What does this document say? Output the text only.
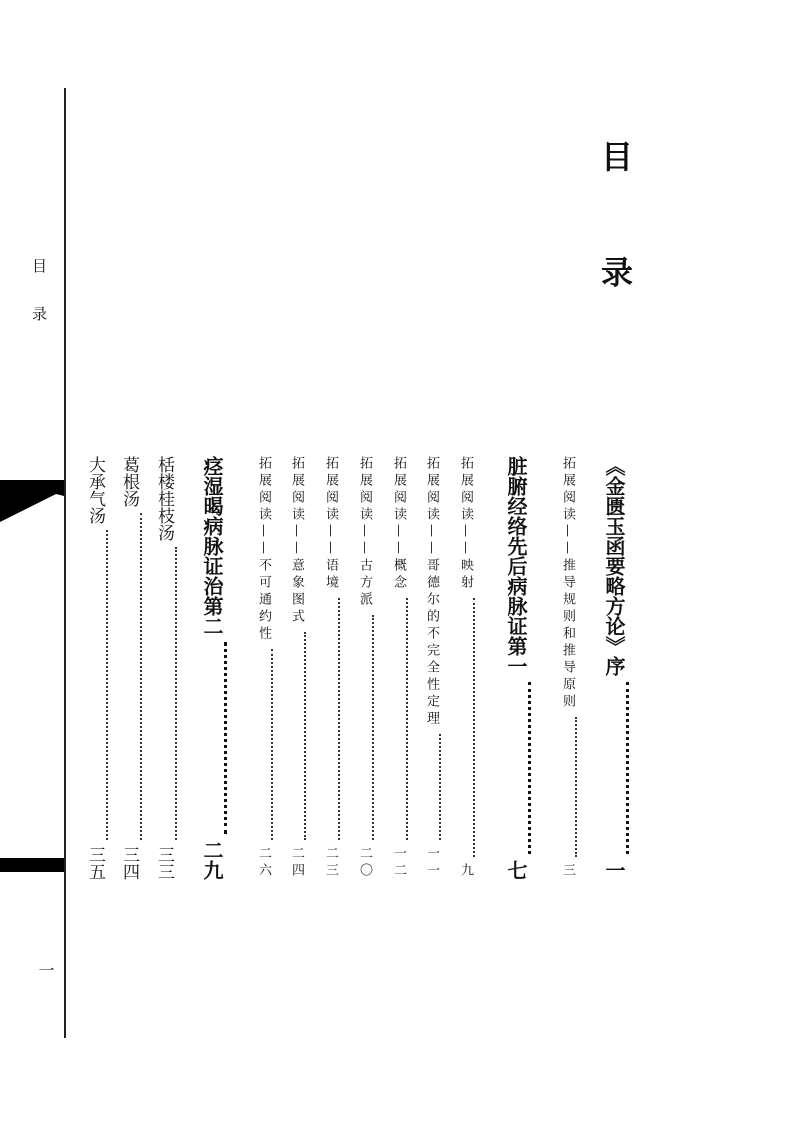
目 录
一
目 录
《金匮玉函要略方论》序
一
拓展阅读——推导规则和推导原则
三
脏腑经络先后病脉证第一
七
拓展阅读——映射
九
拓展阅读——哥德尔的不完全性定理
一一
拓展阅读——概念
一二
拓展阅读——古方派
二〇
拓展阅读——语境
二三
拓展阅读——意象图式
二四
拓展阅读——不可通约性
二六
痉湿暍病脉证治第二
二九
栝楼桂枝汤
三三
葛根汤
三四
大承气汤
三五
